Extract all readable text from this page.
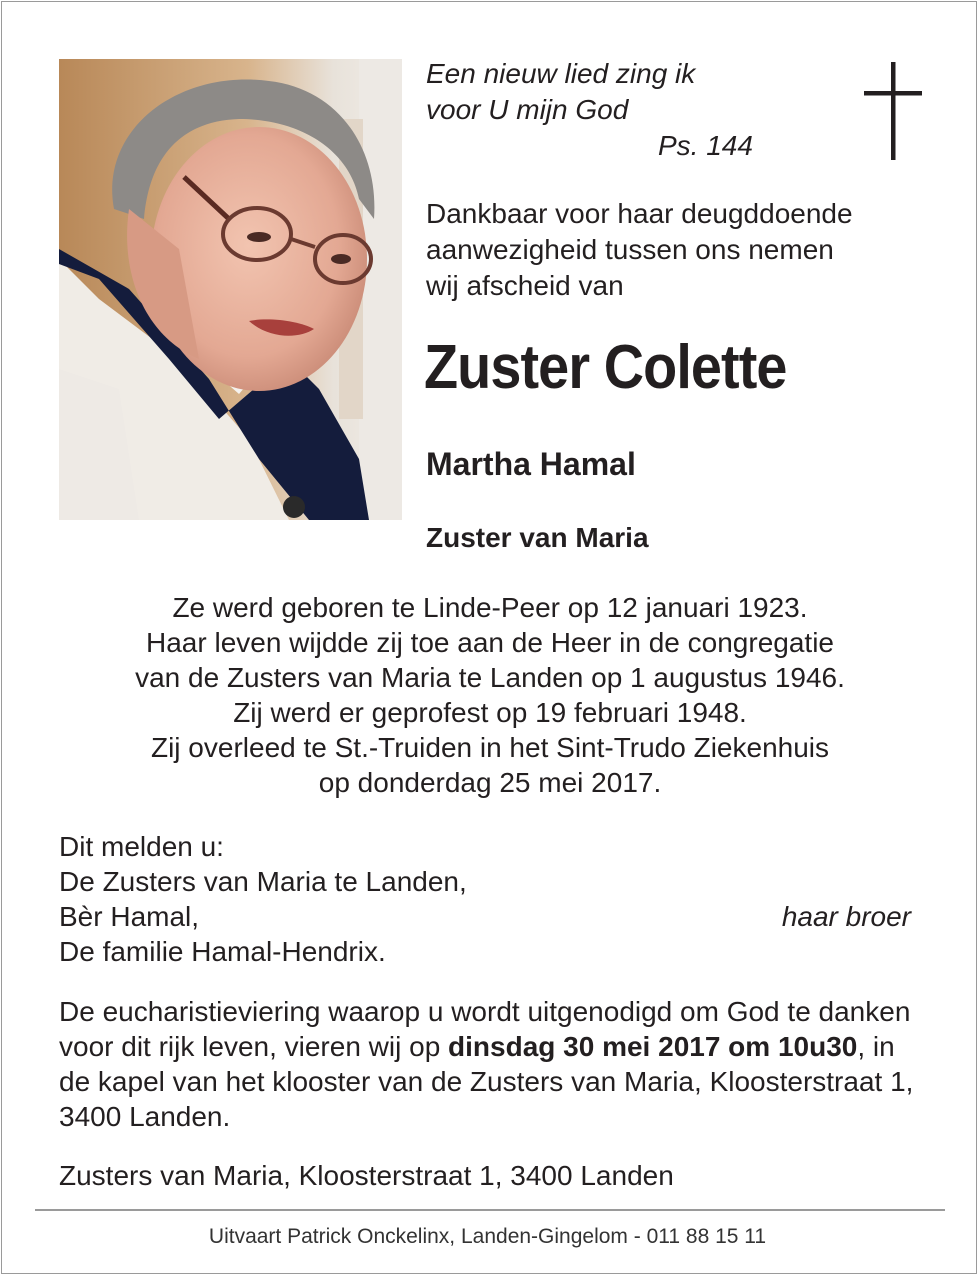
Een nieuw lied zing ik
voor U mijn God
Ps. 144
Dankbaar voor haar deugddoende
aanwezigheid tussen ons nemen
wij afscheid van
Zuster Colette
Martha Hamal
Zuster van Maria
Ze werd geboren te Linde-Peer op 12 januari 1923.
Haar leven wijdde zij toe aan de Heer in de congregatie
van de Zusters van Maria te Landen op 1 augustus 1946.
Zij werd er geprofest op 19 februari 1948.
Zij overleed te St.-Truiden in het Sint-Trudo Ziekenhuis
op donderdag 25 mei 2017.
Dit melden u:
De Zusters van Maria te Landen,
Bèr Hamal,	haar broer
De familie Hamal-Hendrix.
De eucharistieviering waarop u wordt uitgenodigd om God te danken voor dit rijk leven, vieren wij op dinsdag 30 mei 2017 om 10u30, in de kapel van het klooster van de Zusters van Maria, Kloosterstraat 1, 3400 Landen.
Zusters van Maria, Kloosterstraat 1, 3400 Landen
Uitvaart Patrick Onckelinx, Landen-Gingelom - 011 88 15 11
